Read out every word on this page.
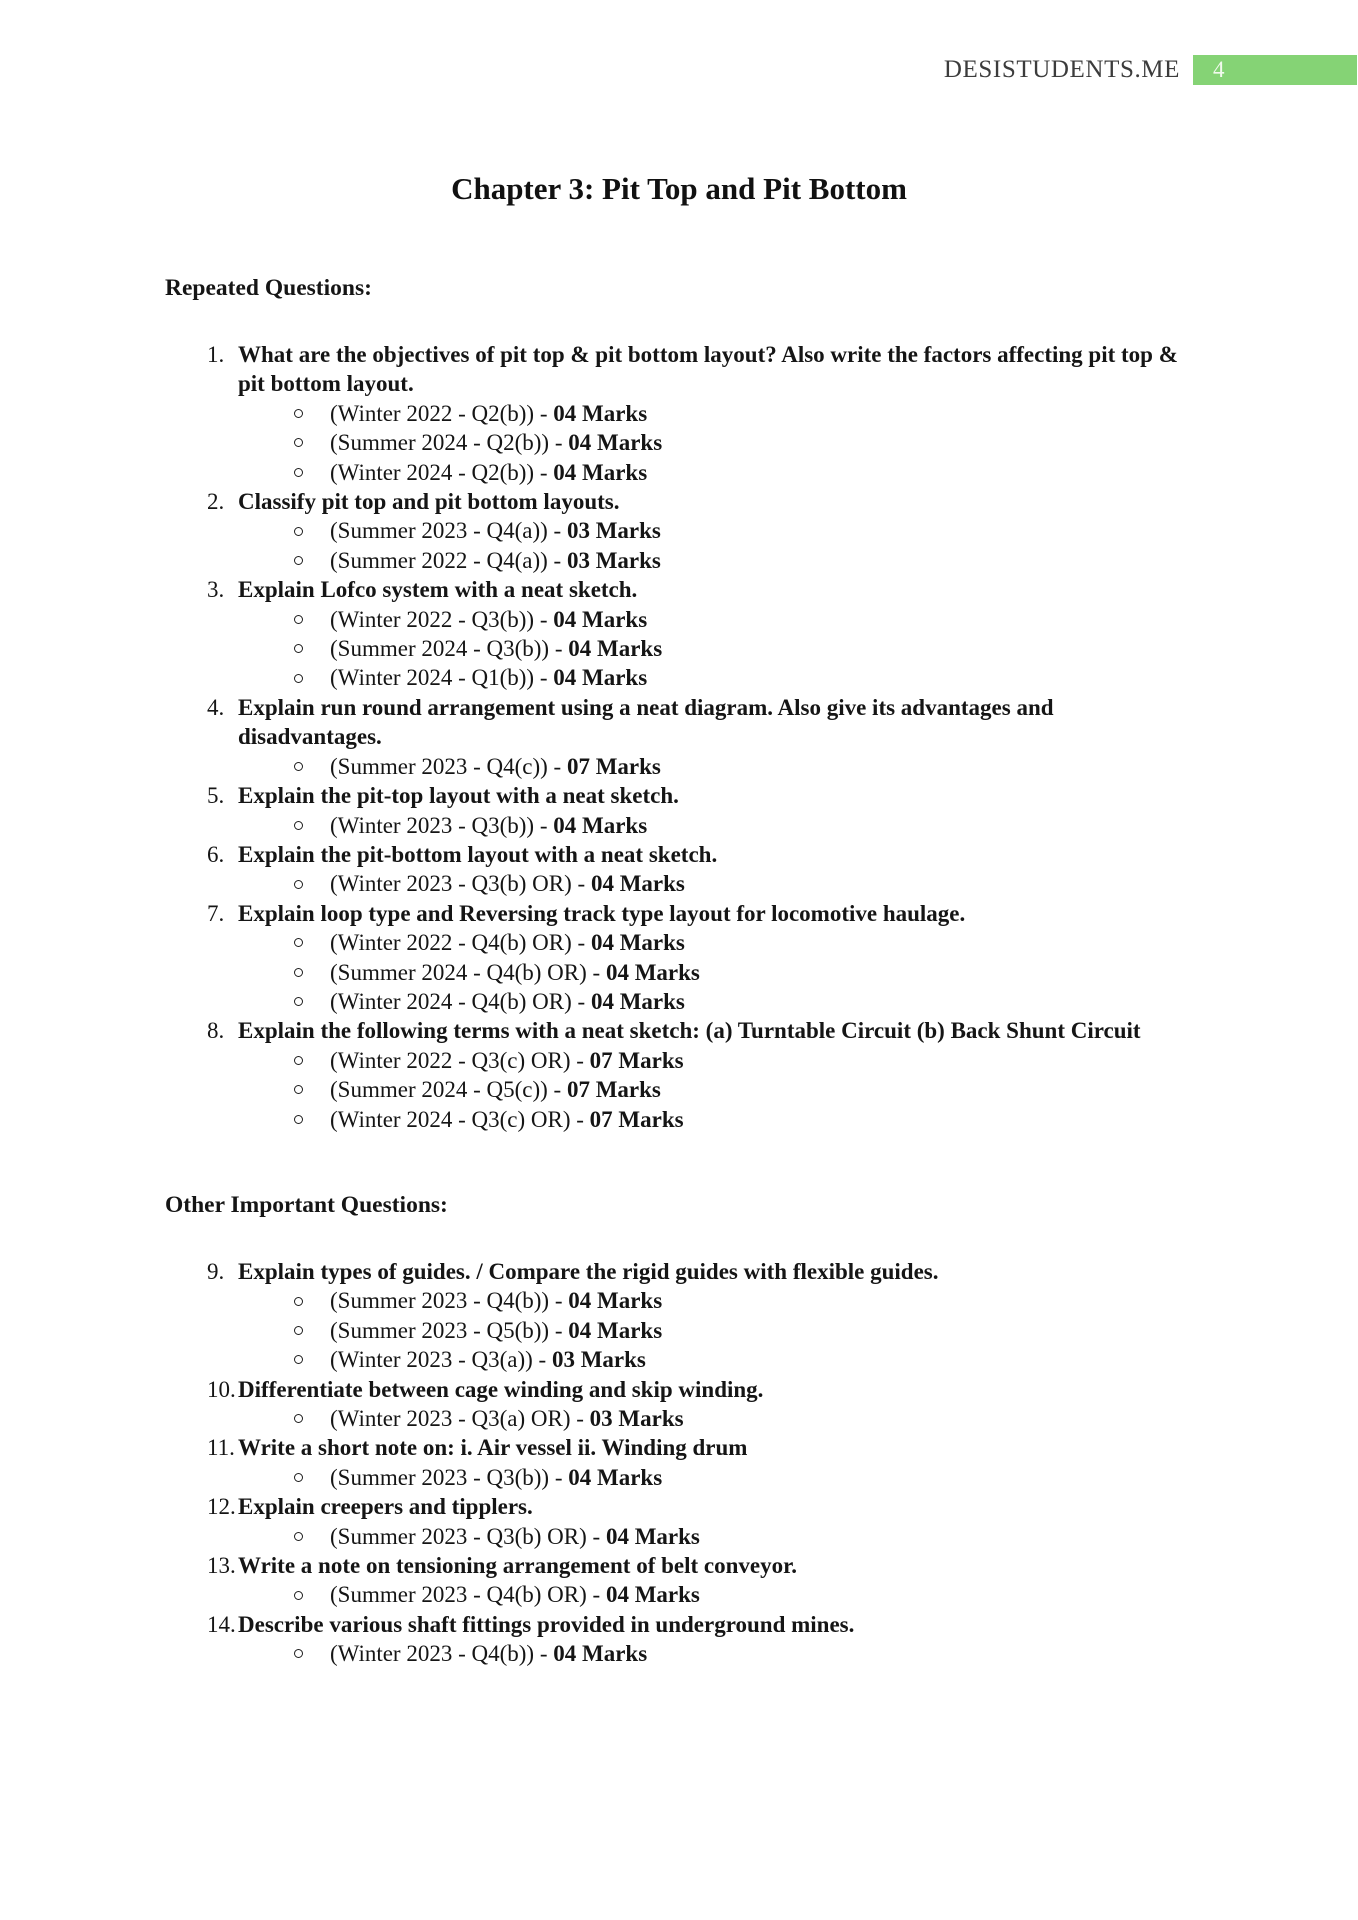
DESISTUDENTS.ME 4
Chapter 3: Pit Top and Pit Bottom
Repeated Questions:
1. What are the objectives of pit top & pit bottom layout? Also write the factors affecting pit top & pit bottom layout.
(Winter 2022 - Q2(b)) - 04 Marks
(Summer 2024 - Q2(b)) - 04 Marks
(Winter 2024 - Q2(b)) - 04 Marks
2. Classify pit top and pit bottom layouts.
(Summer 2023 - Q4(a)) - 03 Marks
(Summer 2022 - Q4(a)) - 03 Marks
3. Explain Lofco system with a neat sketch.
(Winter 2022 - Q3(b)) - 04 Marks
(Summer 2024 - Q3(b)) - 04 Marks
(Winter 2024 - Q1(b)) - 04 Marks
4. Explain run round arrangement using a neat diagram. Also give its advantages and disadvantages.
(Summer 2023 - Q4(c)) - 07 Marks
5. Explain the pit-top layout with a neat sketch.
(Winter 2023 - Q3(b)) - 04 Marks
6. Explain the pit-bottom layout with a neat sketch.
(Winter 2023 - Q3(b) OR) - 04 Marks
7. Explain loop type and Reversing track type layout for locomotive haulage.
(Winter 2022 - Q4(b) OR) - 04 Marks
(Summer 2024 - Q4(b) OR) - 04 Marks
(Winter 2024 - Q4(b) OR) - 04 Marks
8. Explain the following terms with a neat sketch: (a) Turntable Circuit (b) Back Shunt Circuit
(Winter 2022 - Q3(c) OR) - 07 Marks
(Summer 2024 - Q5(c)) - 07 Marks
(Winter 2024 - Q3(c) OR) - 07 Marks
Other Important Questions:
9. Explain types of guides. / Compare the rigid guides with flexible guides.
(Summer 2023 - Q4(b)) - 04 Marks
(Summer 2023 - Q5(b)) - 04 Marks
(Winter 2023 - Q3(a)) - 03 Marks
10. Differentiate between cage winding and skip winding.
(Winter 2023 - Q3(a) OR) - 03 Marks
11. Write a short note on: i. Air vessel ii. Winding drum
(Summer 2023 - Q3(b)) - 04 Marks
12. Explain creepers and tipplers.
(Summer 2023 - Q3(b) OR) - 04 Marks
13. Write a note on tensioning arrangement of belt conveyor.
(Summer 2023 - Q4(b) OR) - 04 Marks
14. Describe various shaft fittings provided in underground mines.
(Winter 2023 - Q4(b)) - 04 Marks
